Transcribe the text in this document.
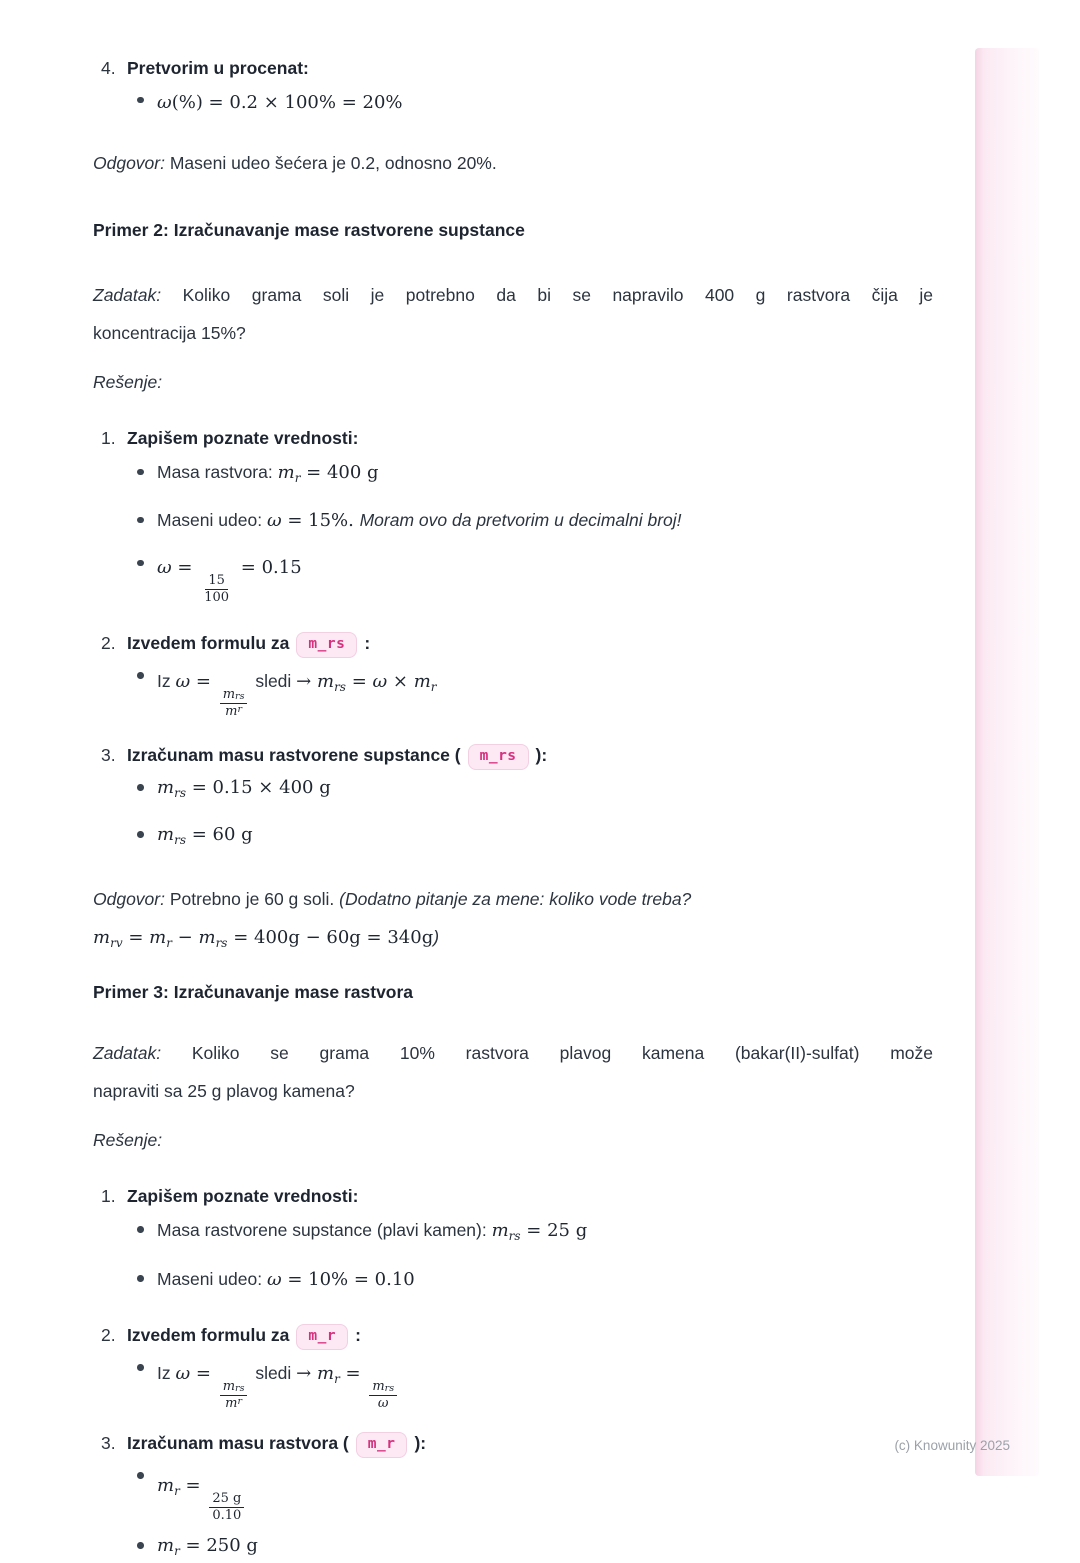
4. Pretvorim u procenat:
ω(%) = 0.2 × 100% = 20%
Odgovor: Maseni udeo šećera je 0.2, odnosno 20%.
Primer 2: Izračunavanje mase rastvorene supstance
Zadatak: Koliko grama soli je potrebno da bi se napravilo 400 g rastvora čija je
koncentracija 15%?
Rešenje:
1. Zapišem poznate vrednosti:
Masa rastvora: $m_r = 400$ g
Maseni udeo: ω = 15%. Moram ovo da pretvorim u decimalni broj!
ω =
$\frac{15}{100}$
= 0.15
2. Izvedem formulu za m_rs :
Iz ω =
$\frac{\text{m rs}}{\text{m r}}$
sledi → $m_{rs} = \omega \times m_r$
3. Izračunam masu rastvorene supstance ( m_rs ):
$m_{rs} = 0.15 \times 400$ g
$m_{rs} = 60$ g
Odgovor: Potrebno je 60 g soli. (Dodatno pitanje za mene: koliko vode treba?
$m_{rv} = m_r - m_{rs} = 400g - 60g = 340g$)
Primer 3: Izračunavanje mase rastvora
Zadatak: Koliko se grama 10% rastvora plavog kamena (bakar(II)-sulfat) može
napraviti sa 25 g plavog kamena?
Rešenje:
1. Zapišem poznate vrednosti:
Masa rastvorene supstance (plavi kamen): $m_{rs} = 25$ g
Maseni udeo: ω = 10% = 0.10
2. Izvedem formulu za m_r :
Iz ω =
$\frac{\text{m rs}}{\text{m r}}$
sledi → $m_r$ =
$\frac{\text{m rs}}{\omega}$
3. Izračunam masu rastvora ( m_r ):
$m_r$ =
$\frac{25 g}{0.10}$
$m_r = 250$ g
(c) Knowunity 2025
